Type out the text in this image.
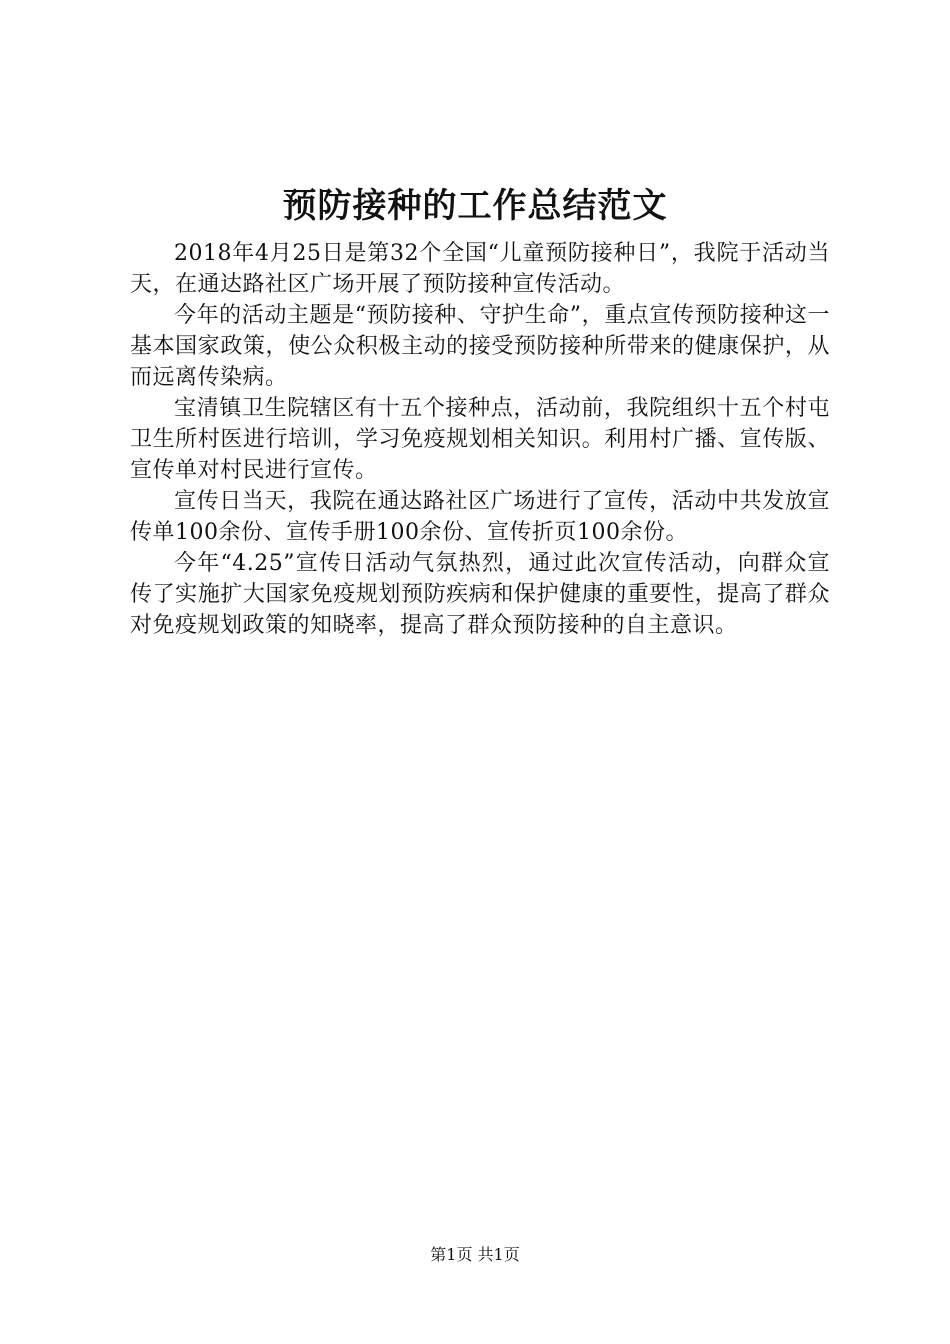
预防接种的工作总结范文

2018年4月25日是第32个全国“儿童预防接种日”，我院于活动当天，在通达路社区广场开展了预防接种宣传活动。

今年的活动主题是“预防接种、守护生命”，重点宣传预防接种这一基本国家政策，使公众积极主动的接受预防接种所带来的健康保护，从而远离传染病。

宝清镇卫生院辖区有十五个接种点，活动前，我院组织十五个村屯卫生所村医进行培训，学习免疫规划相关知识。利用村广播、宣传版、宣传单对村民进行宣传。

宣传日当天，我院在通达路社区广场进行了宣传，活动中共发放宣传单100余份、宣传手册100余份、宣传折页100余份。

今年“4.25”宣传日活动气氛热烈，通过此次宣传活动，向群众宣传了实施扩大国家免疫规划预防疾病和保护健康的重要性，提高了群众对免疫规划政策的知晓率，提高了群众预防接种的自主意识。

第1页 共1页
